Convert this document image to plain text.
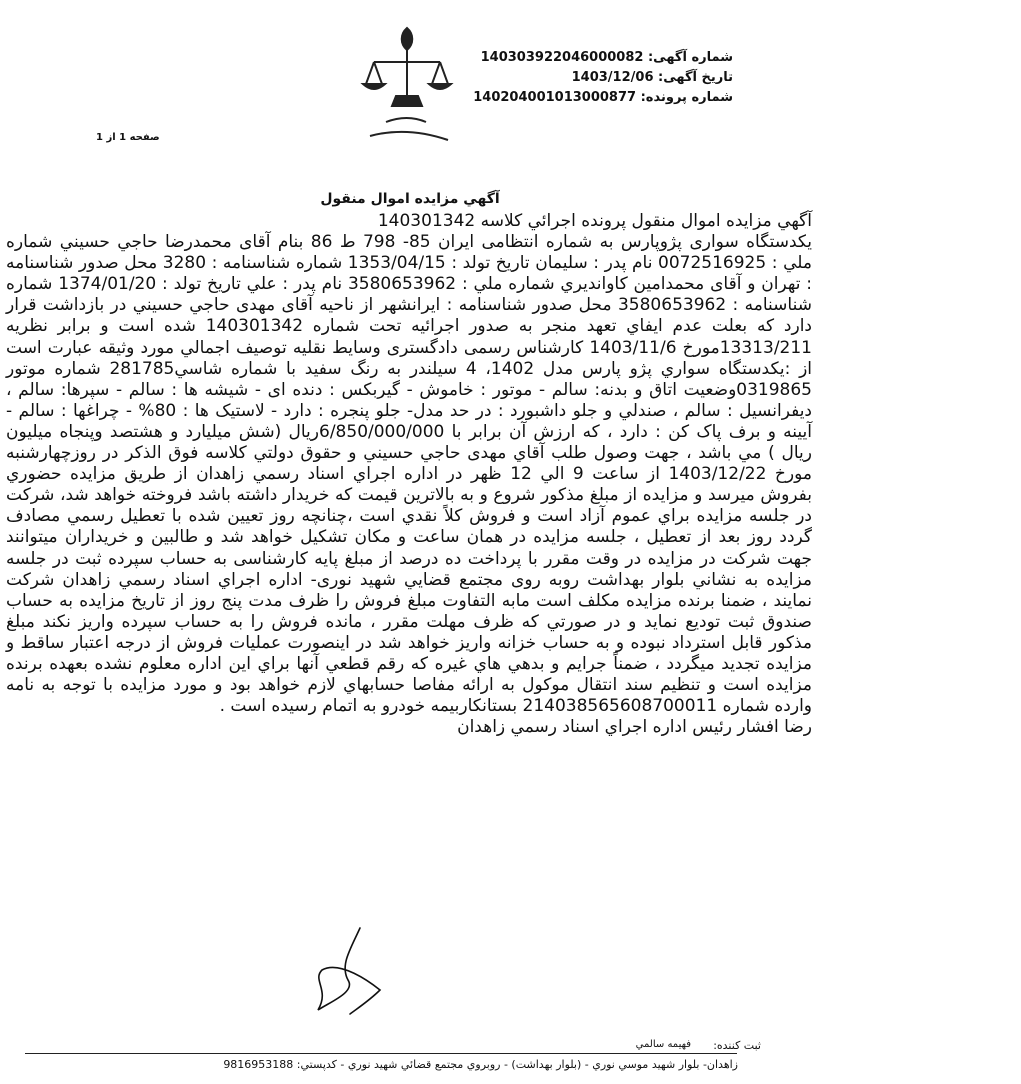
شماره آگهی: 140303922046000082
تاریخ آگهی: 1403/12/06
شماره پرونده: 140204001013000877
صفحه 1 از 1
آگهي مزايده اموال منقول

آگهي مزايده اموال منقول پرونده اجرائي كلاسه 140301342

يكدستگاه سواری پژوپارس به شماره انتظامی ایران 85- 798 ط 86 بنام آقای محمدرضا حاجي حسيني شماره ملي : 0072516925 نام پدر : سليمان تاريخ تولد : 1353/04/15 شماره شناسنامه : 3280 محل صدور شناسنامه : تهران و آقای محمدامين كاوانديري شماره ملي : 3580653962 نام پدر : علي تاريخ تولد : 1374/01/20 شماره شناسنامه : 3580653962 محل صدور شناسنامه : ايرانشهر از ناحيه آقای مهدی حاجي حسيني در بازداشت قرار دارد كه بعلت عدم ايفاي تعهد منجر به صدور اجرائيه تحت شماره 140301342 شده است و برابر نظريه 13313/211مورخ 1403/11/6 كارشناس رسمی دادگستری وسايط نقليه توصيف اجمالي مورد وثيقه عبارت است از :يكدستگاه سواري پژو پارس مدل 1402، 4 سيلندر به رنگ سفيد با شماره شاسي281785 شماره موتور 0319865وضعيت اتاق و بدنه: سالم - موتور : خاموش - گيربكس : دنده ای - شيشه ها : سالم - سپرها: سالم ، ديفرانسيل : سالم ، صندلي و جلو داشبورد : در حد مدل- جلو پنجره : دارد - لاستيک ها : 80% - چراغها : سالم - آيينه و برف پاک كن : دارد ، كه ارزش آن برابر با 6/850/000/000ريال (شش ميليارد و هشتصد وپنجاه ميليون ريال ) مي باشد ، جهت وصول طلب آقاي مهدی حاجي حسيني و حقوق دولتي كلاسه فوق الذكر در روزچهارشنبه مورخ 1403/12/22 از ساعت 9 الي 12 ظهر در اداره اجراي اسناد رسمي زاهدان از طريق مزايده حضوري بفروش ميرسد و مزايده از مبلغ مذكور شروع و به بالاترين قيمت كه خريدار داشته باشد فروخته خواهد شد، شركت در جلسه مزايده براي عموم آزاد است و فروش كلاً نقدي است ،چنانچه روز تعيين شده با تعطيل رسمي مصادف گردد روز بعد از تعطيل ، جلسه مزايده در همان ساعت و مكان تشكيل خواهد شد و طالبين و خريداران ميتوانند جهت شركت در مزايده در وقت مقرر با پرداخت ده درصد از مبلغ پايه كارشناسی به حساب سپرده ثبت در جلسه مزايده به نشاني بلوار بهداشت روبه روی مجتمع قضايي شهيد نوری- اداره اجراي اسناد رسمي زاهدان شركت نمايند ، ضمنا برنده مزايده مكلف است مابه التفاوت مبلغ فروش را ظرف مدت پنج روز از تاريخ مزايده به حساب صندوق ثبت توديع نمايد و در صورتي كه ظرف مهلت مقرر ، مانده فروش را به حساب سپرده واريز نكند مبلغ مذكور قابل استرداد نبوده و به حساب خزانه واريز خواهد شد در اينصورت عمليات فروش از درجه اعتبار ساقط و مزايده تجديد ميگردد ، ضمناً جرايم و بدهي هاي غيره كه رقم قطعي آنها براي اين اداره معلوم نشده بعهده برنده مزايده است و تنظيم سند انتقال موكول به ارائه مفاصا حسابهاي لازم خواهد بود و مورد مزايده با توجه به نامه وارده شماره 14038565608700011‏2 بستانكاربيمه خودرو به اتمام رسيده است .

رضا افشار رئيس اداره اجراي اسناد رسمي زاهدان

ثبت کننده:
فهيمه سالمي
زاهدان- بلوار شهيد موسي نوري - (بلوار بهداشت) - روبروي مجتمع قضائي شهيد نوري - كدپستي: 9816953188
